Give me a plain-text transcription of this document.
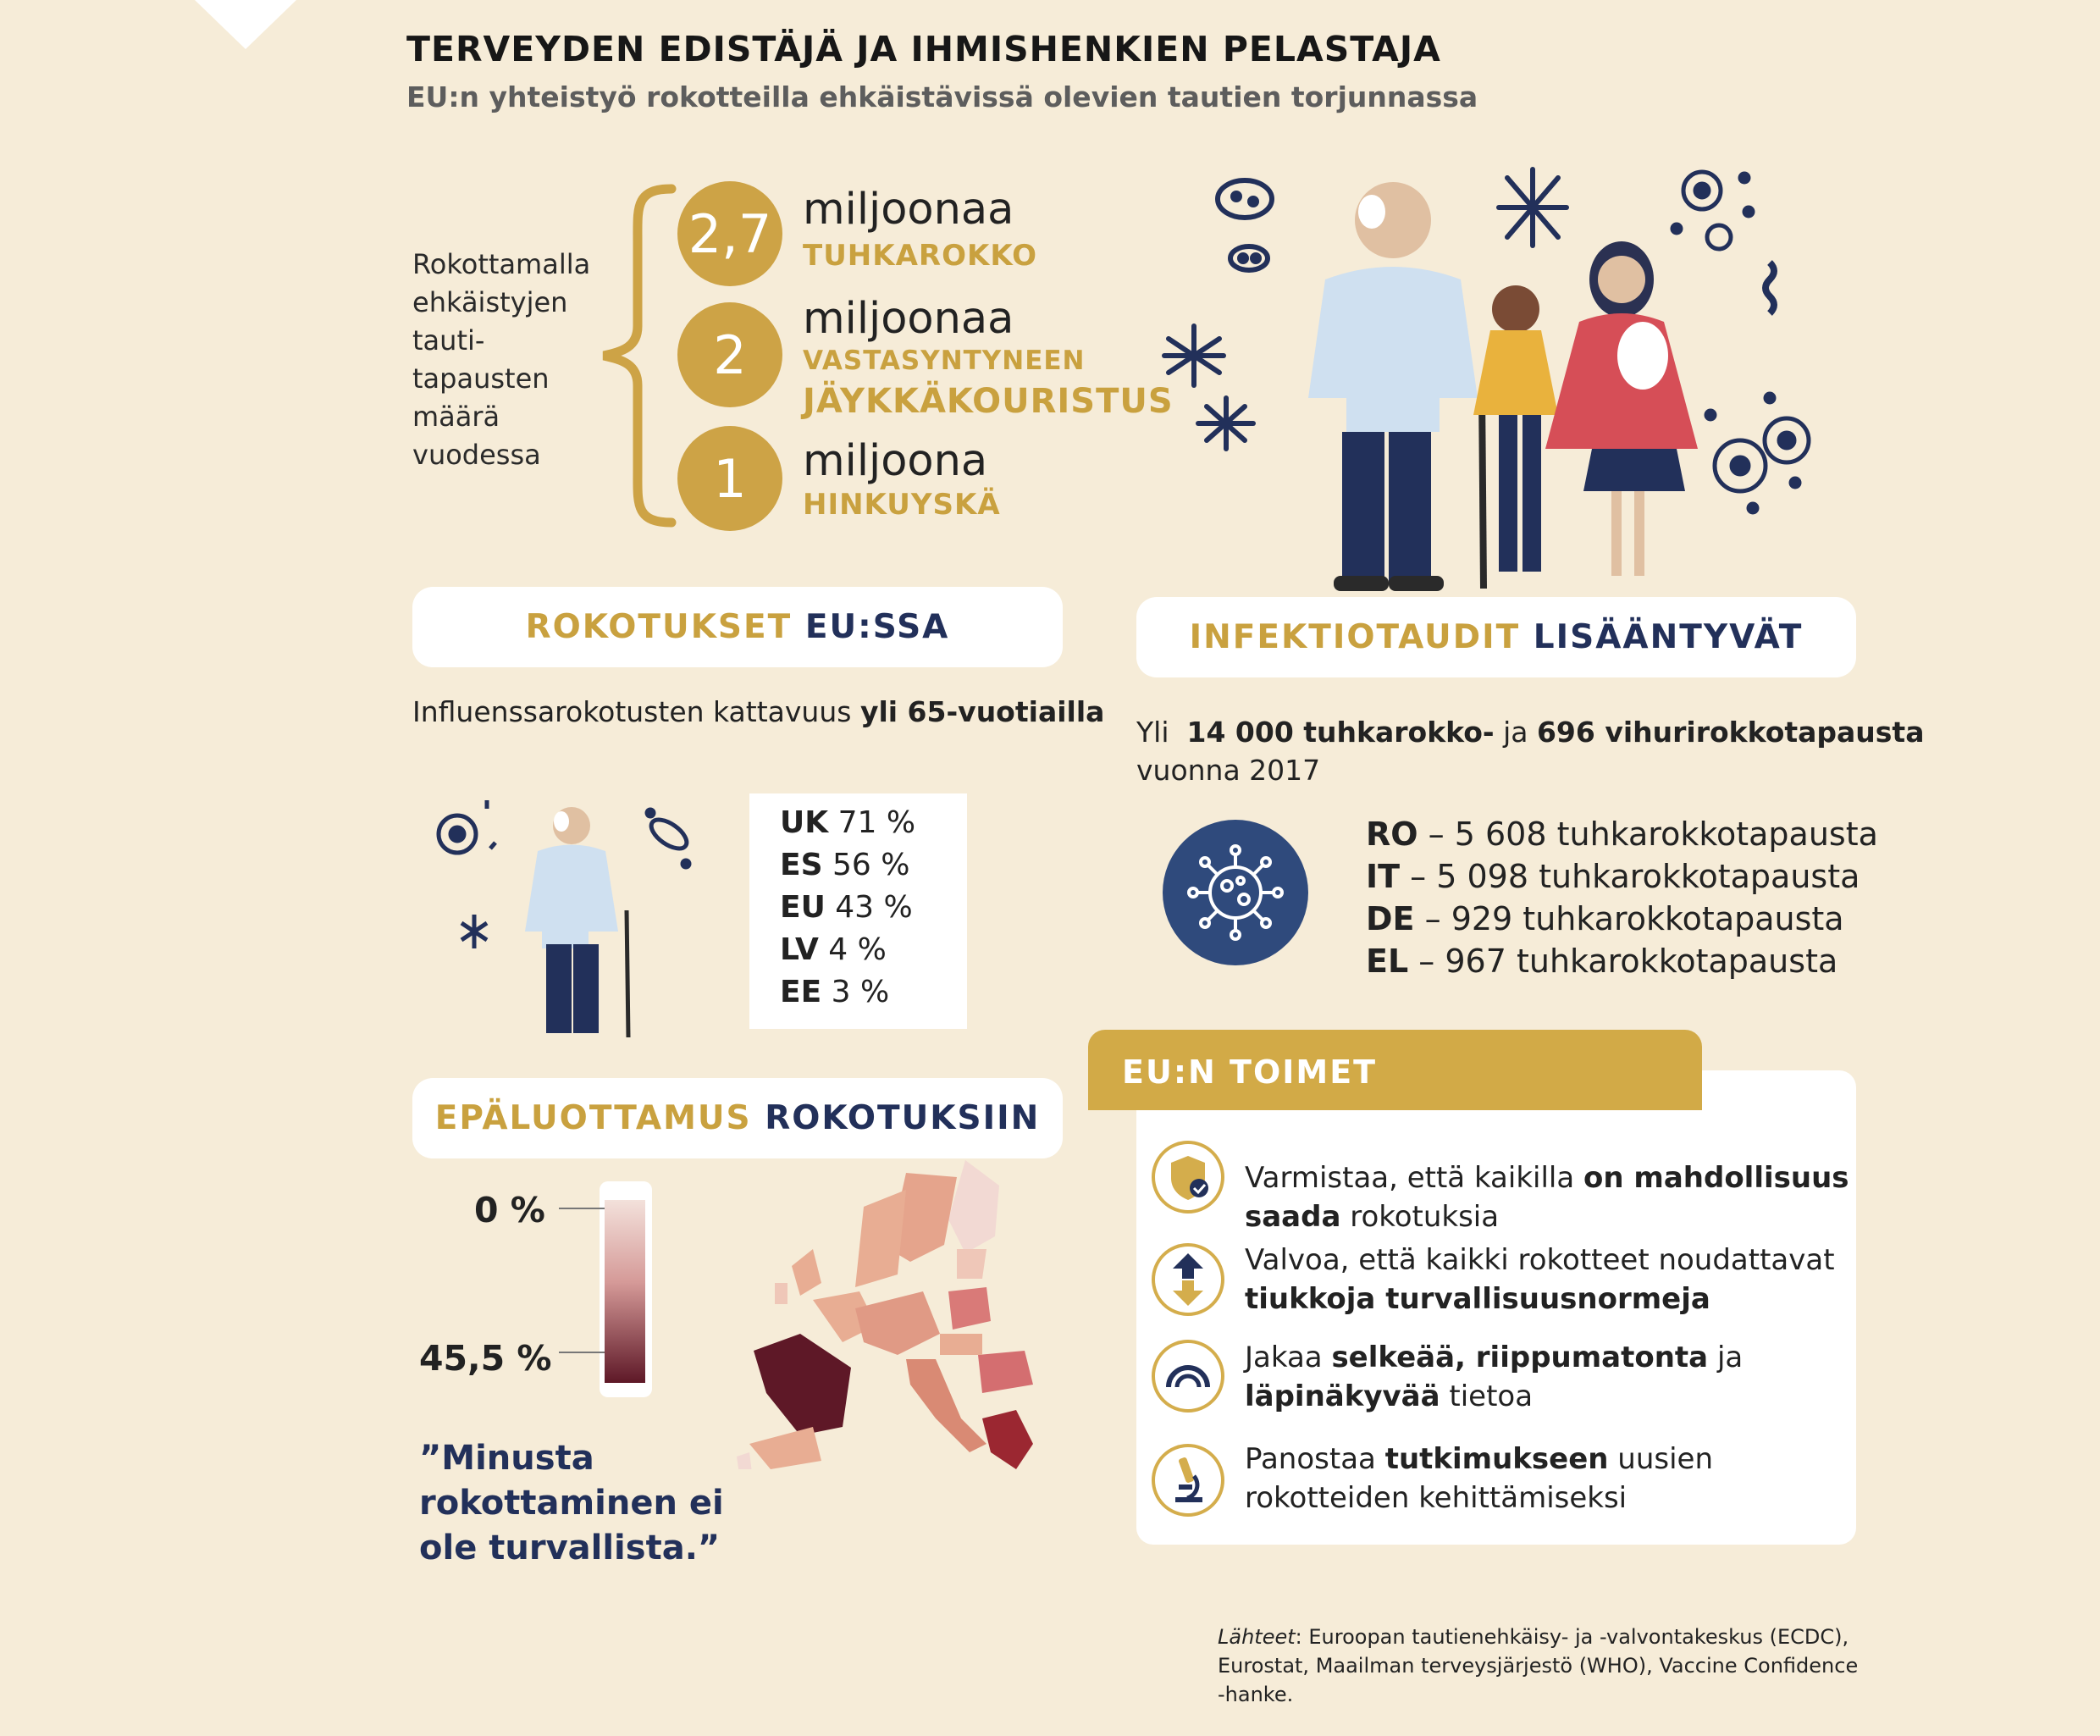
TERVEYDEN EDISTÄJÄ JA IHMISHENKIEN PELASTAJA
EU:n yhteistyö rokotteilla ehkäistävissä olevien tautien torjunnassa
Rokottamalla
ehkäistyjen
tauti-
tapausten
määrä
vuodessa
2,7 miljoonaa
TUHKAROKKO
2
miljoonaa
VASTASYNTYNEEN
JÄYKKÄKOURISTUS
1	miljoona
HINKUYSKÄ
ROKOTUKSET
EU:SSA
Influenssarokotusten kattavuus yli 65-vuotiailla
UK 71 %
ES 56 %
EU 43 %
LV 4 %
EE 3 %
INFEKTIOTAUDIT
LISÄÄNTYVÄT
Yli 14 000 tuhkarokko- ja 696 vihurirokkotapausta
vuonna 2017
RO – 5 608 tuhkarokkotapausta
IT – 5 098 tuhkarokkotapausta
DE – 929 tuhkarokkotapausta
EL – 967 tuhkarokkotapausta
EPÄLUOTTAMUS
ROKOTUKSIIN
0 %
45,5 %
”Minusta
rokottaminen ei
ole turvallista.”
EU:N TOIMET
Varmistaa, että kaikilla on mahdollisuus
saada rokotuksia
Valvoa, että kaikki rokotteet noudattavat
tiukkoja turvallisuusnormeja
Jakaa selkeää, riippumatonta ja
läpinäkyvää tietoa
Panostaa tutkimukseen uusien
rokotteiden kehittämiseksi
Lähteet: Euroopan tautienehkäisy- ja -valvontakeskus (ECDC),
Eurostat, Maailman terveysjärjestö (WHO), Vaccine Confidence
-hanke.
